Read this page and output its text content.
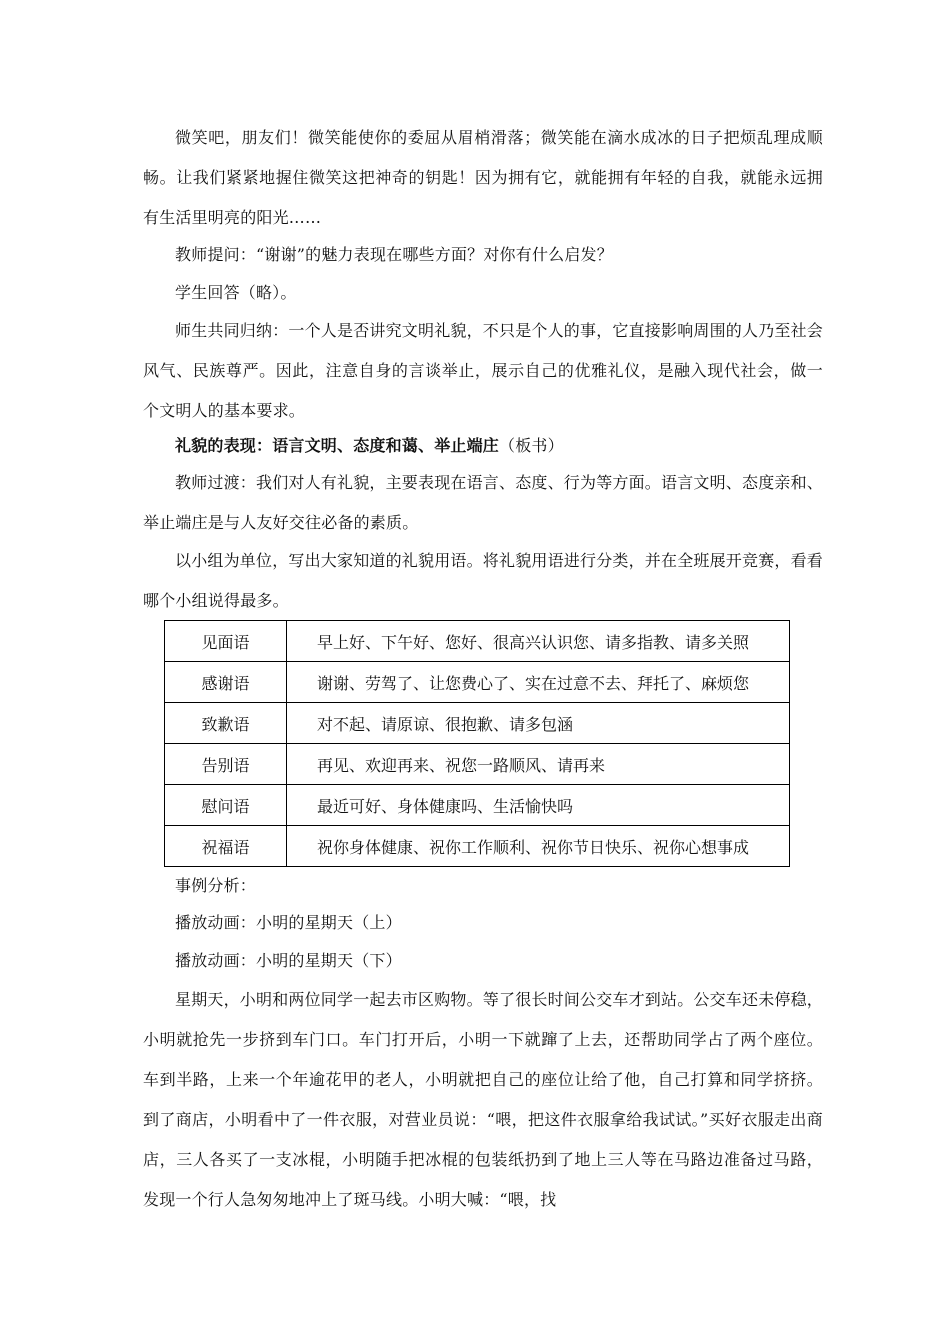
微笑吧，朋友们！微笑能使你的委屈从眉梢滑落；微笑能在滴水成冰的日子把烦乱理成顺畅。让我们紧紧地握住微笑这把神奇的钥匙！因为拥有它，就能拥有年轻的自我，就能永远拥有生活里明亮的阳光……

教师提问：“谢谢”的魅力表现在哪些方面？对你有什么启发？

学生回答（略）。

师生共同归纳：一个人是否讲究文明礼貌，不只是个人的事，它直接影响周围的人乃至社会风气、民族尊严。因此，注意自身的言谈举止，展示自己的优雅礼仪，是融入现代社会，做一个文明人的基本要求。

礼貌的表现：语言文明、态度和蔼、举止端庄（板书）

教师过渡：我们对人有礼貌，主要表现在语言、态度、行为等方面。语言文明、态度亲和、举止端庄是与人友好交往必备的素质。

以小组为单位，写出大家知道的礼貌用语。将礼貌用语进行分类，并在全班展开竞赛，看看哪个小组说得最多。

见面语	早上好、下午好、您好、很高兴认识您、请多指教、请多关照
感谢语	谢谢、劳驾了、让您费心了、实在过意不去、拜托了、麻烦您
致歉语	对不起、请原谅、很抱歉、请多包涵
告别语	再见、欢迎再来、祝您一路顺风、请再来
慰问语	最近可好、身体健康吗、生活愉快吗
祝福语	祝你身体健康、祝你工作顺利、祝你节日快乐、祝你心想事成

事例分析：

播放动画：小明的星期天（上）

播放动画：小明的星期天（下）

星期天，小明和两位同学一起去市区购物。等了很长时间公交车才到站。公交车还未停稳，小明就抢先一步挤到车门口。车门打开后，小明一下就蹿了上去，还帮助同学占了两个座位。车到半路，上来一个年逾花甲的老人，小明就把自己的座位让给了他，自己打算和同学挤挤。到了商店，小明看中了一件衣服，对营业员说：“喂，把这件衣服拿给我试试。”买好衣服走出商店，三人各买了一支冰棍，小明随手把冰棍的包装纸扔到了地上三人等在马路边准备过马路，发现一个行人急匆匆地冲上了斑马线。小明大喊：“喂，找
